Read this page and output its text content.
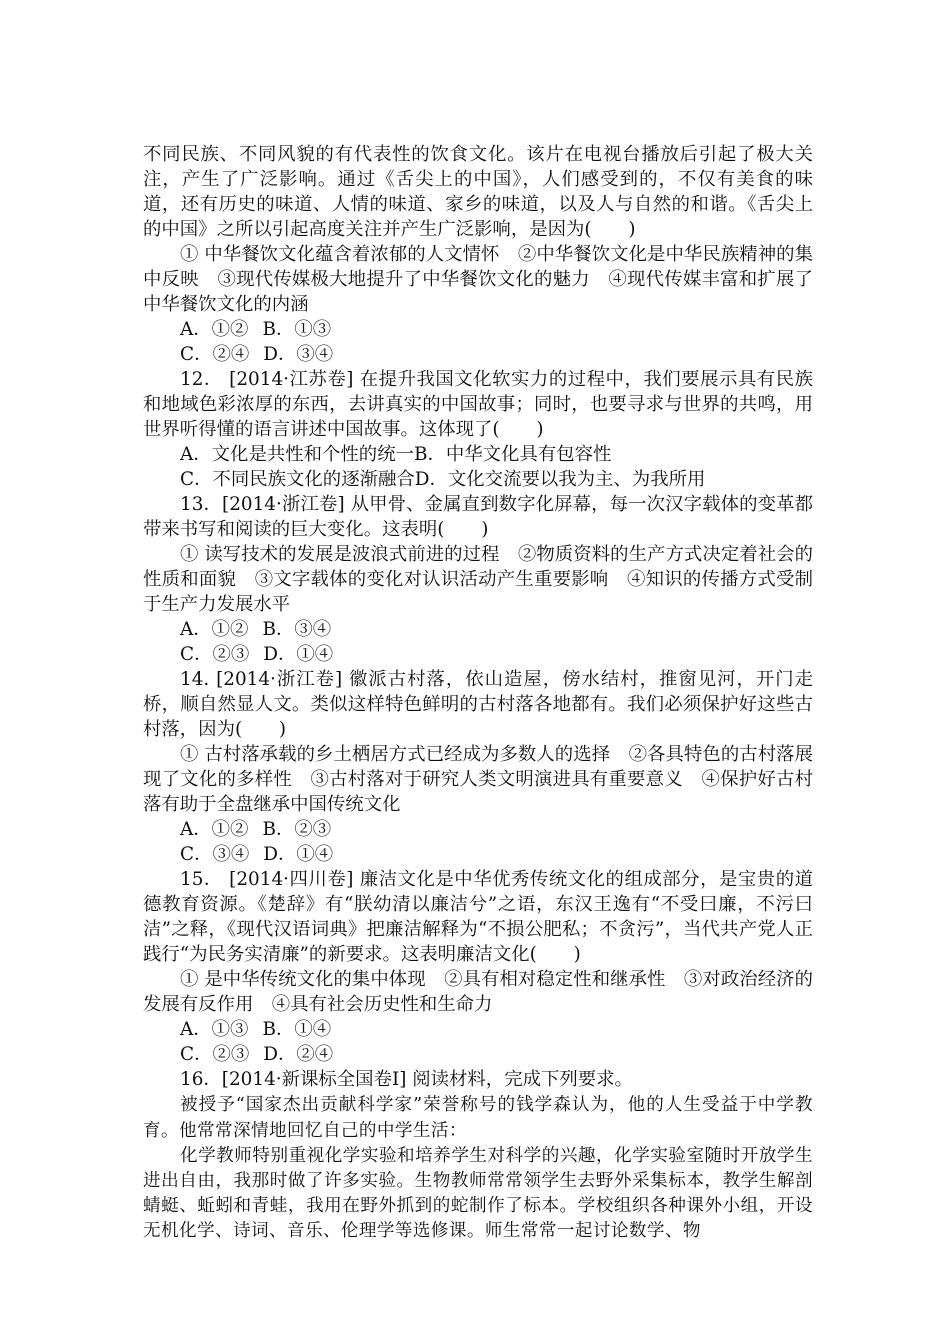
不同民族、不同风貌的有代表性的饮食文化。该片在电视台播放后引起了极大关注，产生了广泛影响。通过《舌尖上的中国》，人们感受到的，不仅有美食的味道，还有历史的味道、人情的味道、家乡的味道，以及人与自然的和谐。《舌尖上的中国》之所以引起高度关注并产生广泛影响，是因为(　　)

① 中华餐饮文化蕴含着浓郁的人文情怀　②中华餐饮文化是中华民族精神的集中反映　③现代传媒极大地提升了中华餐饮文化的魅力　④现代传媒丰富和扩展了中华餐饮文化的内涵

A．①② B．①③

C．②④ D．③④

12． [2014·江苏卷] 在提升我国文化软实力的过程中，我们要展示具有民族和地域色彩浓厚的东西，去讲真实的中国故事；同时，也要寻求与世界的共鸣，用世界听得懂的语言讲述中国故事。这体现了(　　)

A．文化是共性和个性的统一B．中华文化具有包容性

C．不同民族文化的逐渐融合D．文化交流要以我为主、为我所用

13．[2014·浙江卷] 从甲骨、金属直到数字化屏幕，每一次汉字载体的变革都带来书写和阅读的巨大变化。这表明(　　)

① 读写技术的发展是波浪式前进的过程　②物质资料的生产方式决定着社会的性质和面貌　③文字载体的变化对认识活动产生重要影响　④知识的传播方式受制于生产力发展水平

A．①② B．③④

C．②③ D．①④

14. [2014·浙江卷] 徽派古村落，依山造屋，傍水结村，推窗见河，开门走桥，顺自然显人文。类似这样特色鲜明的古村落各地都有。我们必须保护好这些古村落，因为(　　)

① 古村落承载的乡土栖居方式已经成为多数人的选择　②各具特色的古村落展现了文化的多样性　③古村落对于研究人类文明演进具有重要意义　④保护好古村落有助于全盘继承中国传统文化

A．①② B．②③

C．③④ D．①④

15． [2014·四川卷] 廉洁文化是中华优秀传统文化的组成部分，是宝贵的道德教育资源。《楚辞》有“朕幼清以廉洁兮”之语，东汉王逸有“不受曰廉，不污曰洁”之释，《现代汉语词典》把廉洁解释为“不损公肥私；不贪污”，当代共产党人正践行“为民务实清廉”的新要求。这表明廉洁文化(　　)

① 是中华传统文化的集中体现　②具有相对稳定性和继承性　③对政治经济的发展有反作用　④具有社会历史性和生命力

A．①③ B．①④

C．②③ D．②④

16．[2014·新课标全国卷Ⅰ] 阅读材料，完成下列要求。

被授予“国家杰出贡献科学家”荣誉称号的钱学森认为，他的人生受益于中学教育。他常常深情地回忆自己的中学生活：

化学教师特别重视化学实验和培养学生对科学的兴趣，化学实验室随时开放学生进出自由，我那时做了许多实验。生物教师常常领学生去野外采集标本，教学生解剖蜻蜓、蚯蚓和青蛙，我用在野外抓到的蛇制作了标本。学校组织各种课外小组，开设无机化学、诗词、音乐、伦理学等选修课。师生常常一起讨论数学、物
